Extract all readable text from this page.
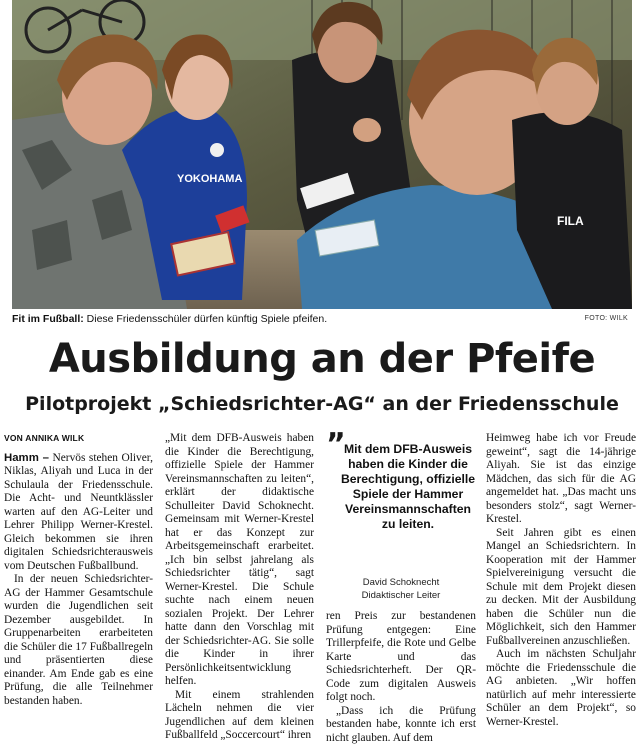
YOKOHAMA
FILA
Fit im Fußball: Diese Friedensschüler dürfen künftig Spiele pfeifen.	FOTO: WILK
Ausbildung an der Pfeife
Pilotprojekt „Schiedsrichter-AG“ an der Friedensschule
VON ANNIKA WILK

Hamm – Nervös stehen Oliver, Niklas, Aliyah und Luca in der Schulaula der Friedensschule. Die Acht- und Neuntklässler warten auf den AG-Leiter und Lehrer Philipp Werner-Krestel. Gleich bekommen sie ihren digitalen Schiedsrichterausweis vom Deutschen Fußballbund.

In der neuen Schiedsrichter-AG der Hammer Gesamtschule wurden die Jugendlichen seit Dezember ausgebildet. In Gruppenarbeiten erarbeiteten die Schüler die 17 Fußballregeln und präsentierten diese einander. Am Ende gab es eine Prüfung, die alle Teilnehmer bestanden haben.

„Mit dem DFB-Ausweis haben die Kinder die Berechtigung, offizielle Spiele der Hammer Vereinsmannschaften zu leiten“, erklärt der didaktische Schulleiter David Schoknecht. Gemeinsam mit Werner-Krestel hat er das Konzept zur Arbeitsgemeinschaft erarbeitet. „Ich bin selbst jahrelang als Schiedsrichter tätig“, sagt Werner-Krestel. Die Schule suchte nach einem neuen sozialen Projekt. Der Lehrer hatte dann den Vorschlag mit der Schiedsrichter-AG. Sie solle die Kinder in ihrer Persönlichkeitsentwicklung helfen.

Mit einem strahlenden Lächeln nehmen die vier Jugendlichen auf dem kleinen Fußballfeld „Soccercourt“ ihren

”
Mit dem DFB-Ausweis haben die Kinder die Berechtigung, offizielle Spiele der Hammer Vereinsmannschaften zu leiten.
David Schoknecht
Didaktischer Leiter

ren Preis zur bestandenen Prüfung entgegen: Eine Trillerpfeife, die Rote und Gelbe Karte und das Schiedsrichterheft. Der QR-Code zum digitalen Ausweis folgt noch.

„Dass ich die Prüfung bestanden habe, konnte ich erst nicht glauben. Auf dem

Heimweg habe ich vor Freude geweint“, sagt die 14-jährige Aliyah. Sie ist das einzige Mädchen, das sich für die AG angemeldet hat. „Das macht uns besonders stolz“, sagt Werner-Krestel.

Seit Jahren gibt es einen Mangel an Schiedsrichtern. In Kooperation mit der Hammer Spielvereinigung versucht die Schule mit dem Projekt diesen zu decken. Mit der Ausbildung haben die Schüler nun die Möglichkeit, sich den Hammer Fußballvereinen anzuschließen.

Auch im nächsten Schuljahr möchte die Friedensschule die AG anbieten. „Wir hoffen natürlich auf mehr interessierte Schüler an dem Projekt“, so Werner-Krestel.
